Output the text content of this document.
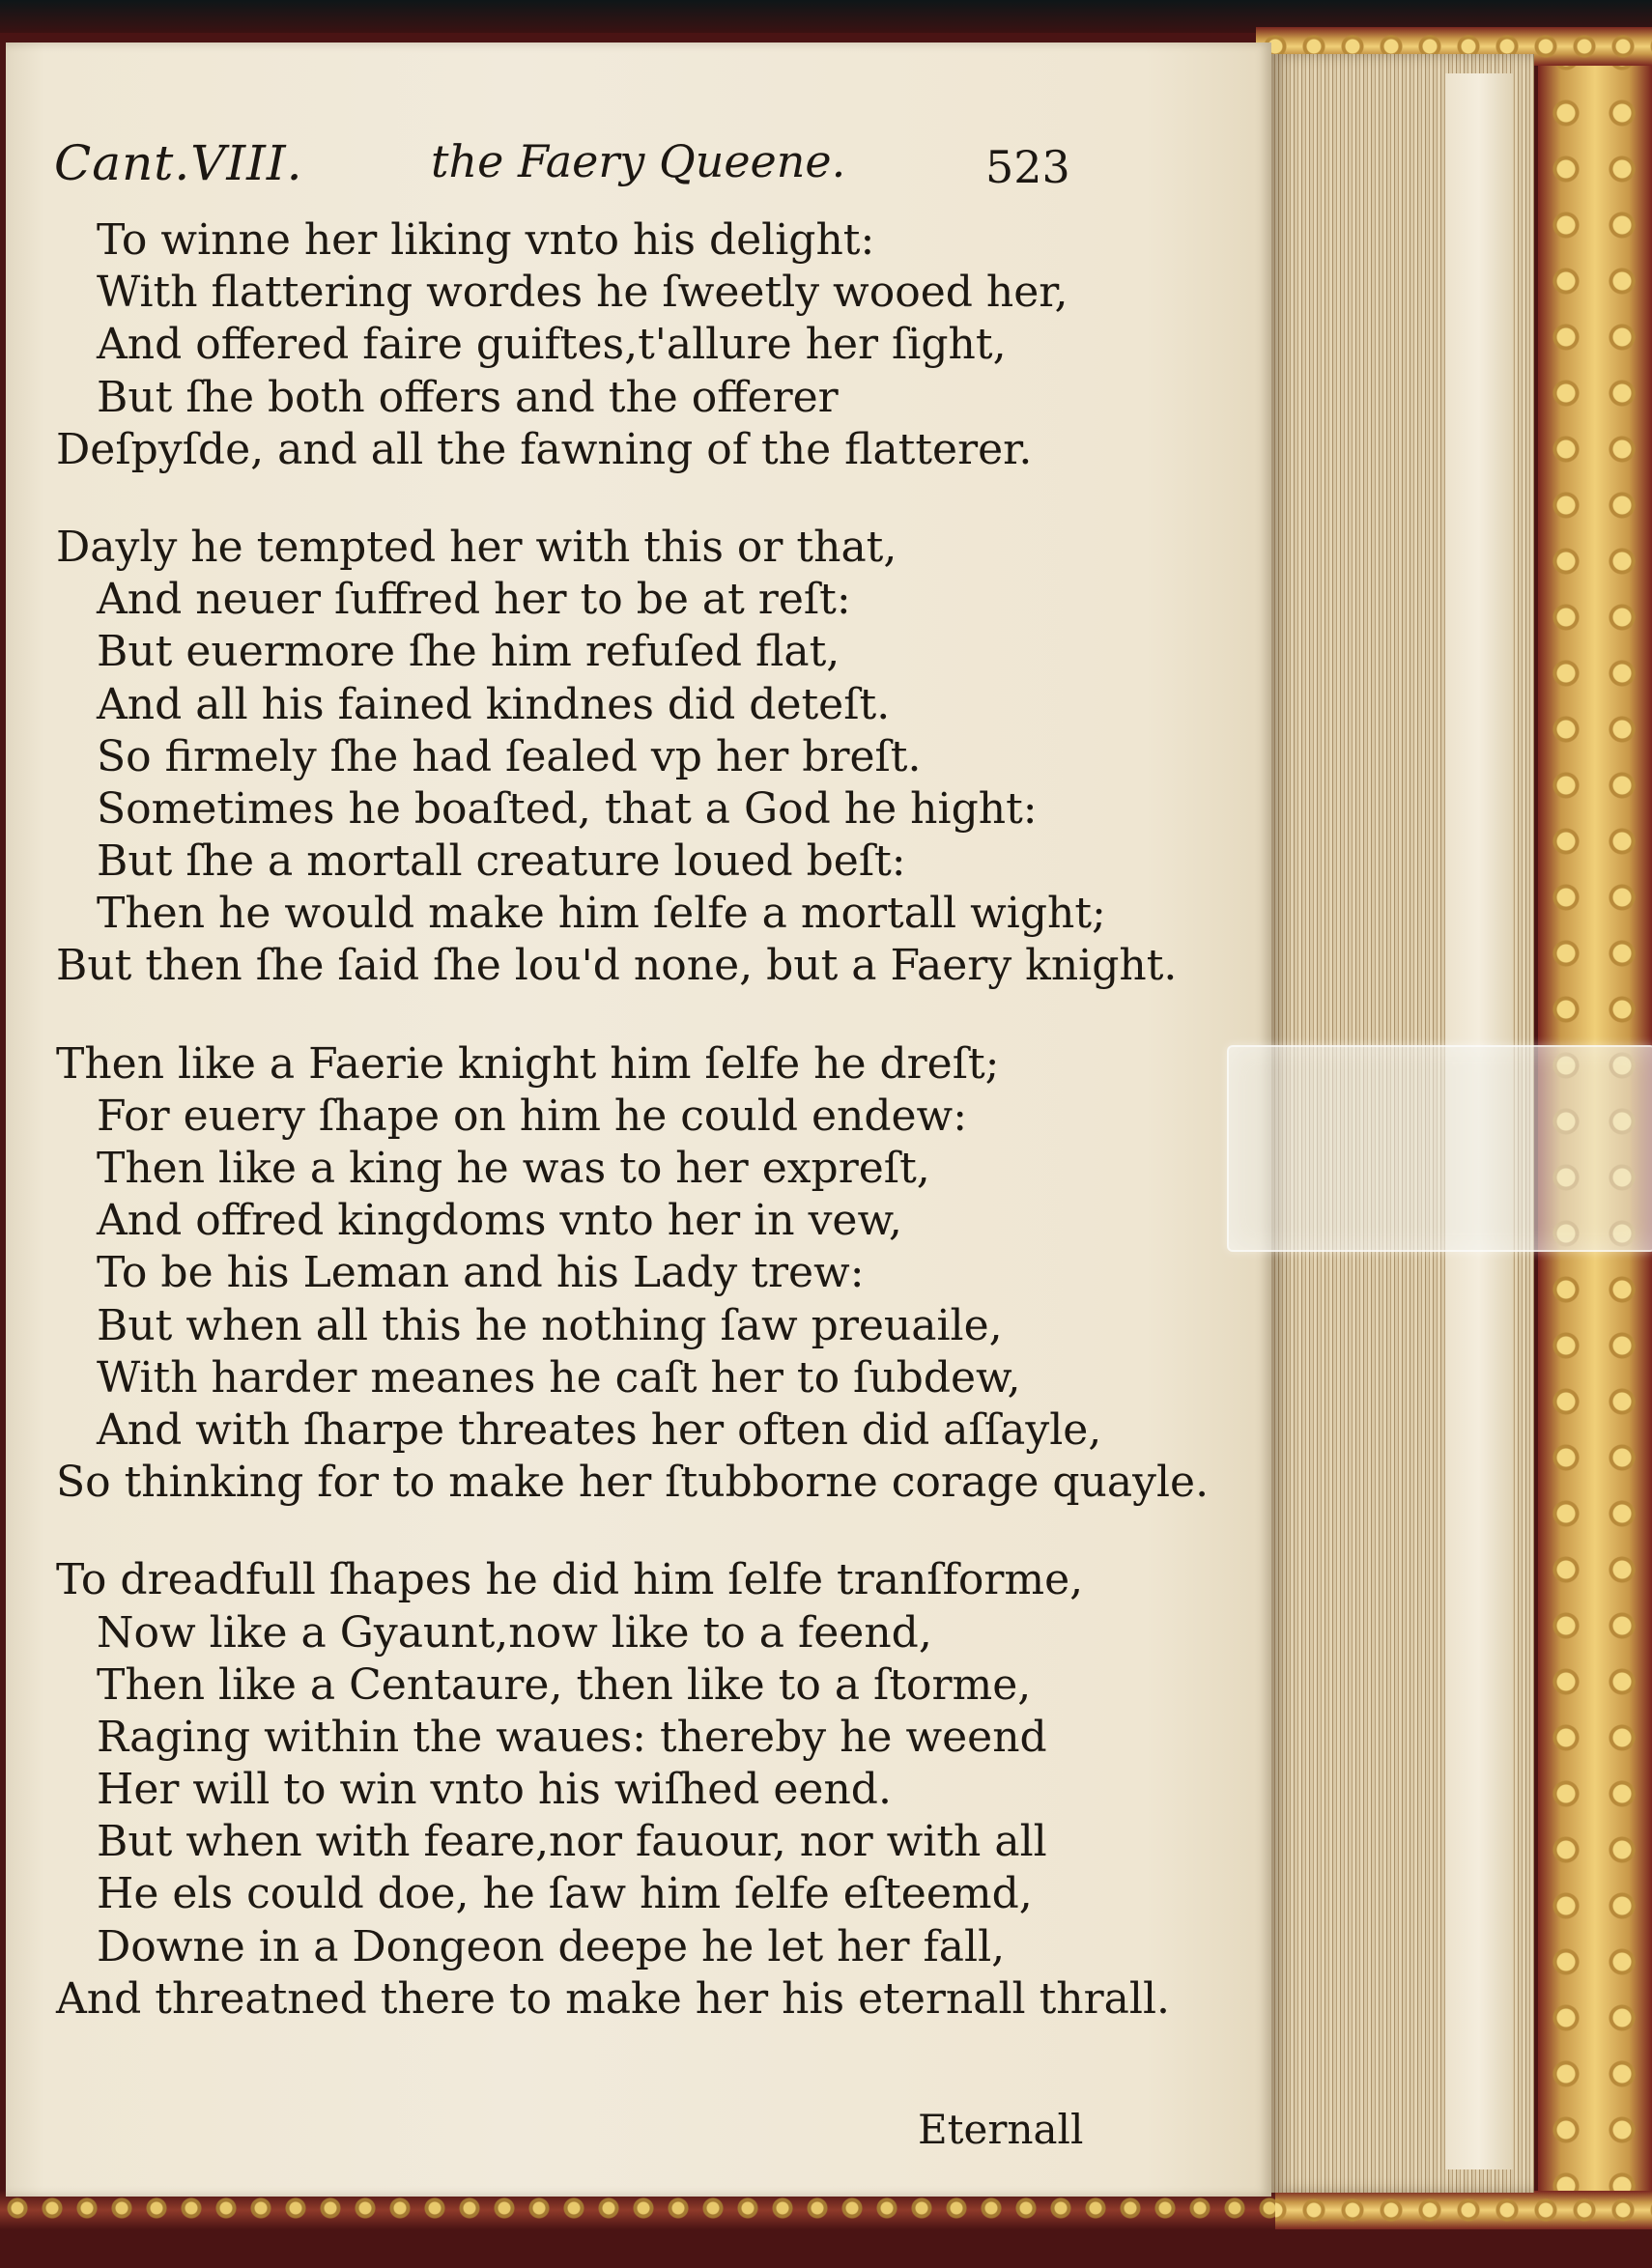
Cant.VIII.	the Faery Queene.	523
To winne her liking vnto his delight:
With flattering wordes he ſweetly wooed her,
And offered faire guiftes,t'allure her ſight,
But ſhe both offers and the offerer
Deſpyſde, and all the fawning of the flatterer.
Dayly he tempted her with this or that,
And neuer ſuffred her to be at reſt:
But euermore ſhe him refuſed flat,
And all his fained kindnes did deteſt.
So firmely ſhe had ſealed vp her breſt.
Sometimes he boaſted, that a God he hight:
But ſhe a mortall creature loued beſt:
Then he would make him ſelfe a mortall wight;
But then ſhe ſaid ſhe lou'd none, but a Faery knight.
Then like a Faerie knight him ſelfe he dreſt;
For euery ſhape on him he could endew:
Then like a king he was to her expreſt,
And offred kingdoms vnto her in vew,
To be his Leman and his Lady trew:
But when all this he nothing ſaw preuaile,
With harder meanes he caſt her to ſubdew,
And with ſharpe threates her often did aſſayle,
So thinking for to make her ſtubborne corage quayle.
To dreadfull ſhapes he did him ſelfe tranſforme,
Now like a Gyaunt,now like to a feend,
Then like a Centaure, then like to a ſtorme,
Raging within the waues: thereby he weend
Her will to win vnto his wiſhed eend.
But when with feare,nor fauour, nor with all
He els could doe, he ſaw him ſelfe eſteemd,
Downe in a Dongeon deepe he let her fall,
And threatned there to make her his eternall thrall.
Eternall
